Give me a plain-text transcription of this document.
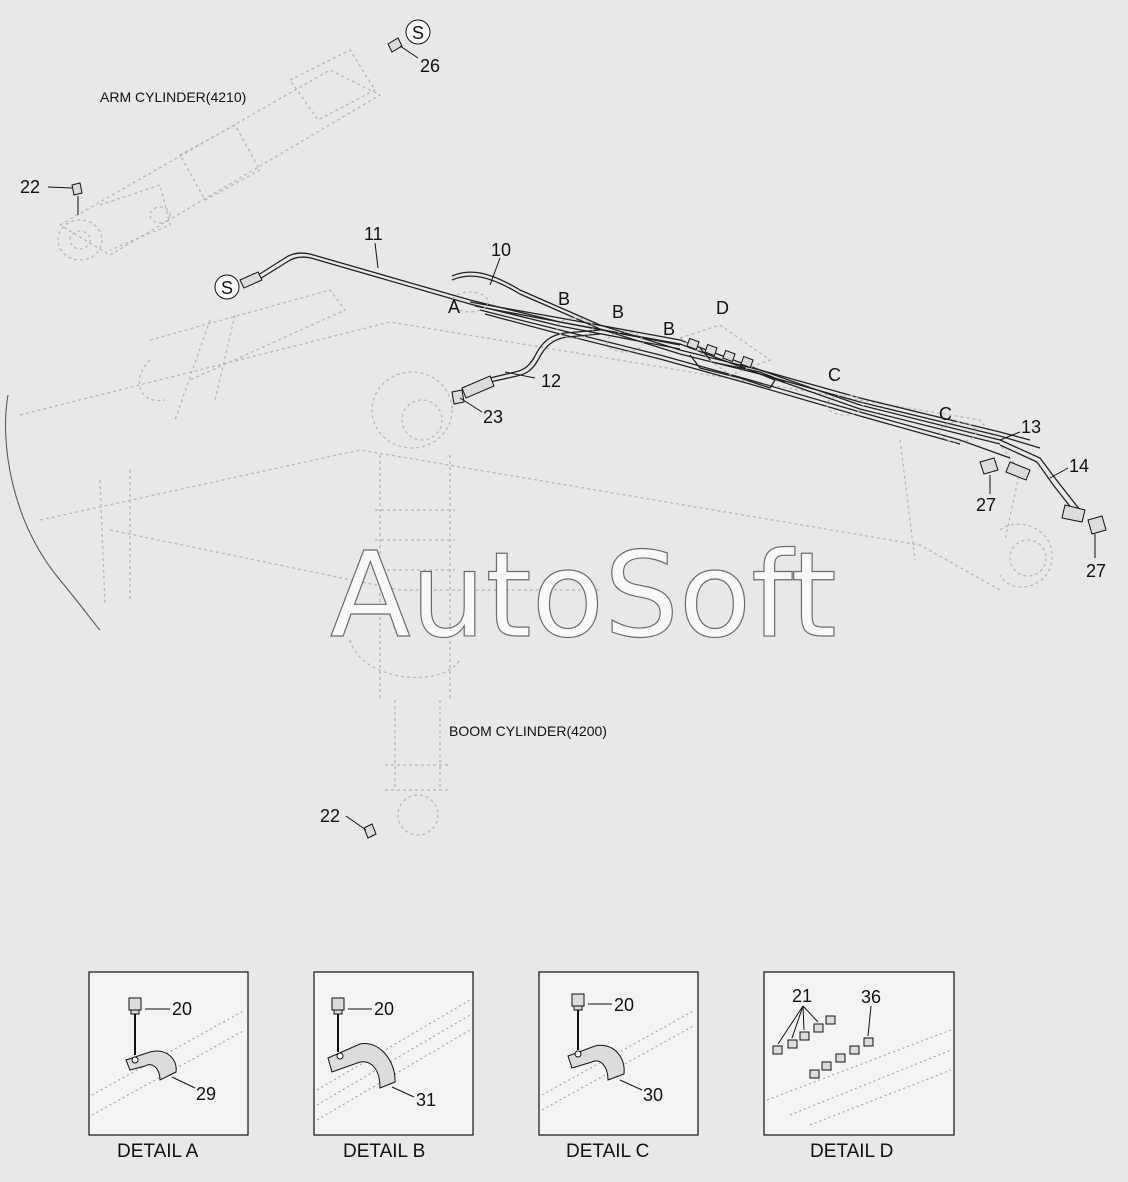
AutoSoft
ARM CYLINDER(4210)
BOOM CYLINDER(4200)
S
S
26
22
22
11
10
12
23	13
14
27
27
A	B
B
B
D
C
C
20
29
DETAIL A
20
31
DETAIL B
20
30
DETAIL C
21	36
DETAIL D
